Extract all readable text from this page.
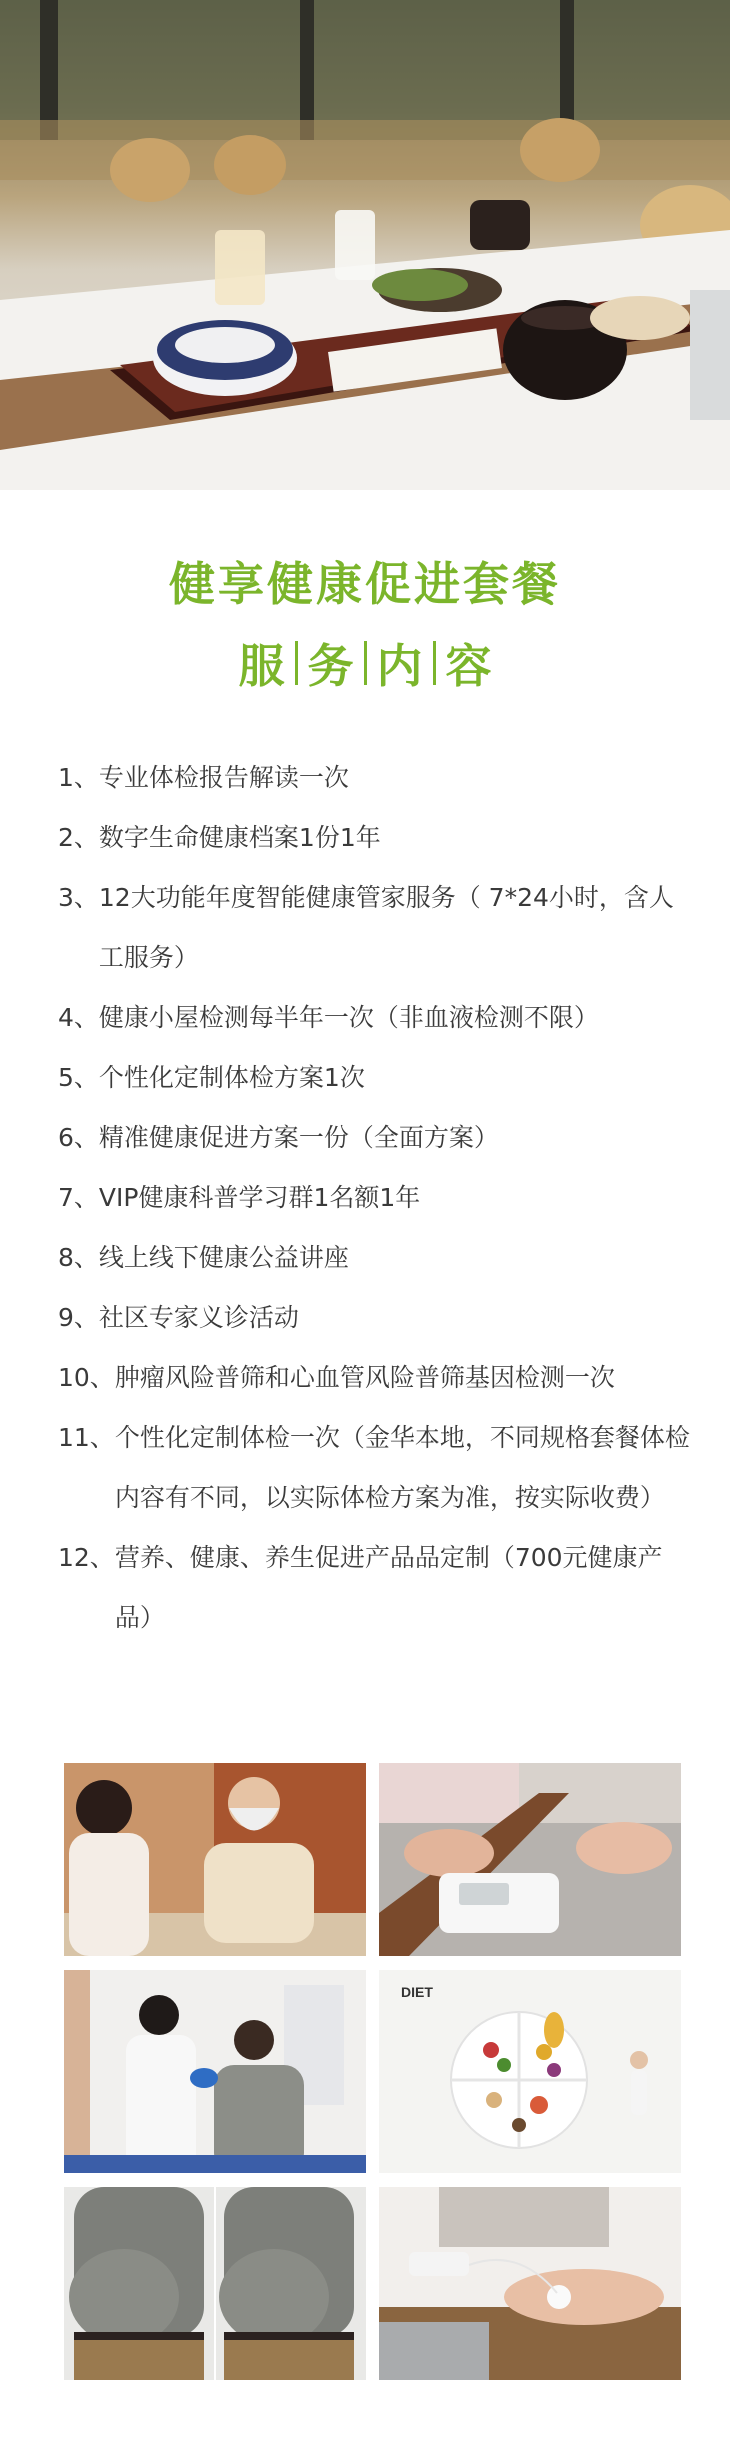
健享健康促进套餐
服 务 内 容
1、 专业体检报告解读一次
2、 数字生命健康档案1份1年
3、 12大功能年度智能健康管家服务（ 7*24小时，含人工服务）
4、 健康小屋检测每半年一次（非血液检测不限）
5、 个性化定制体检方案1次
6、 精准健康促进方案一份（全面方案）
7、 VIP健康科普学习群1名额1年
8、 线上线下健康公益讲座
9、 社区专家义诊活动
10、 肿瘤风险普筛和心血管风险普筛基因检测一次
11、 个性化定制体检一次（金华本地，不同规格套餐体检内容有不同，以实际体检方案为准，按实际收费）
12、 营养、健康、养生促进产品品定制（700元健康产品）
DIET
